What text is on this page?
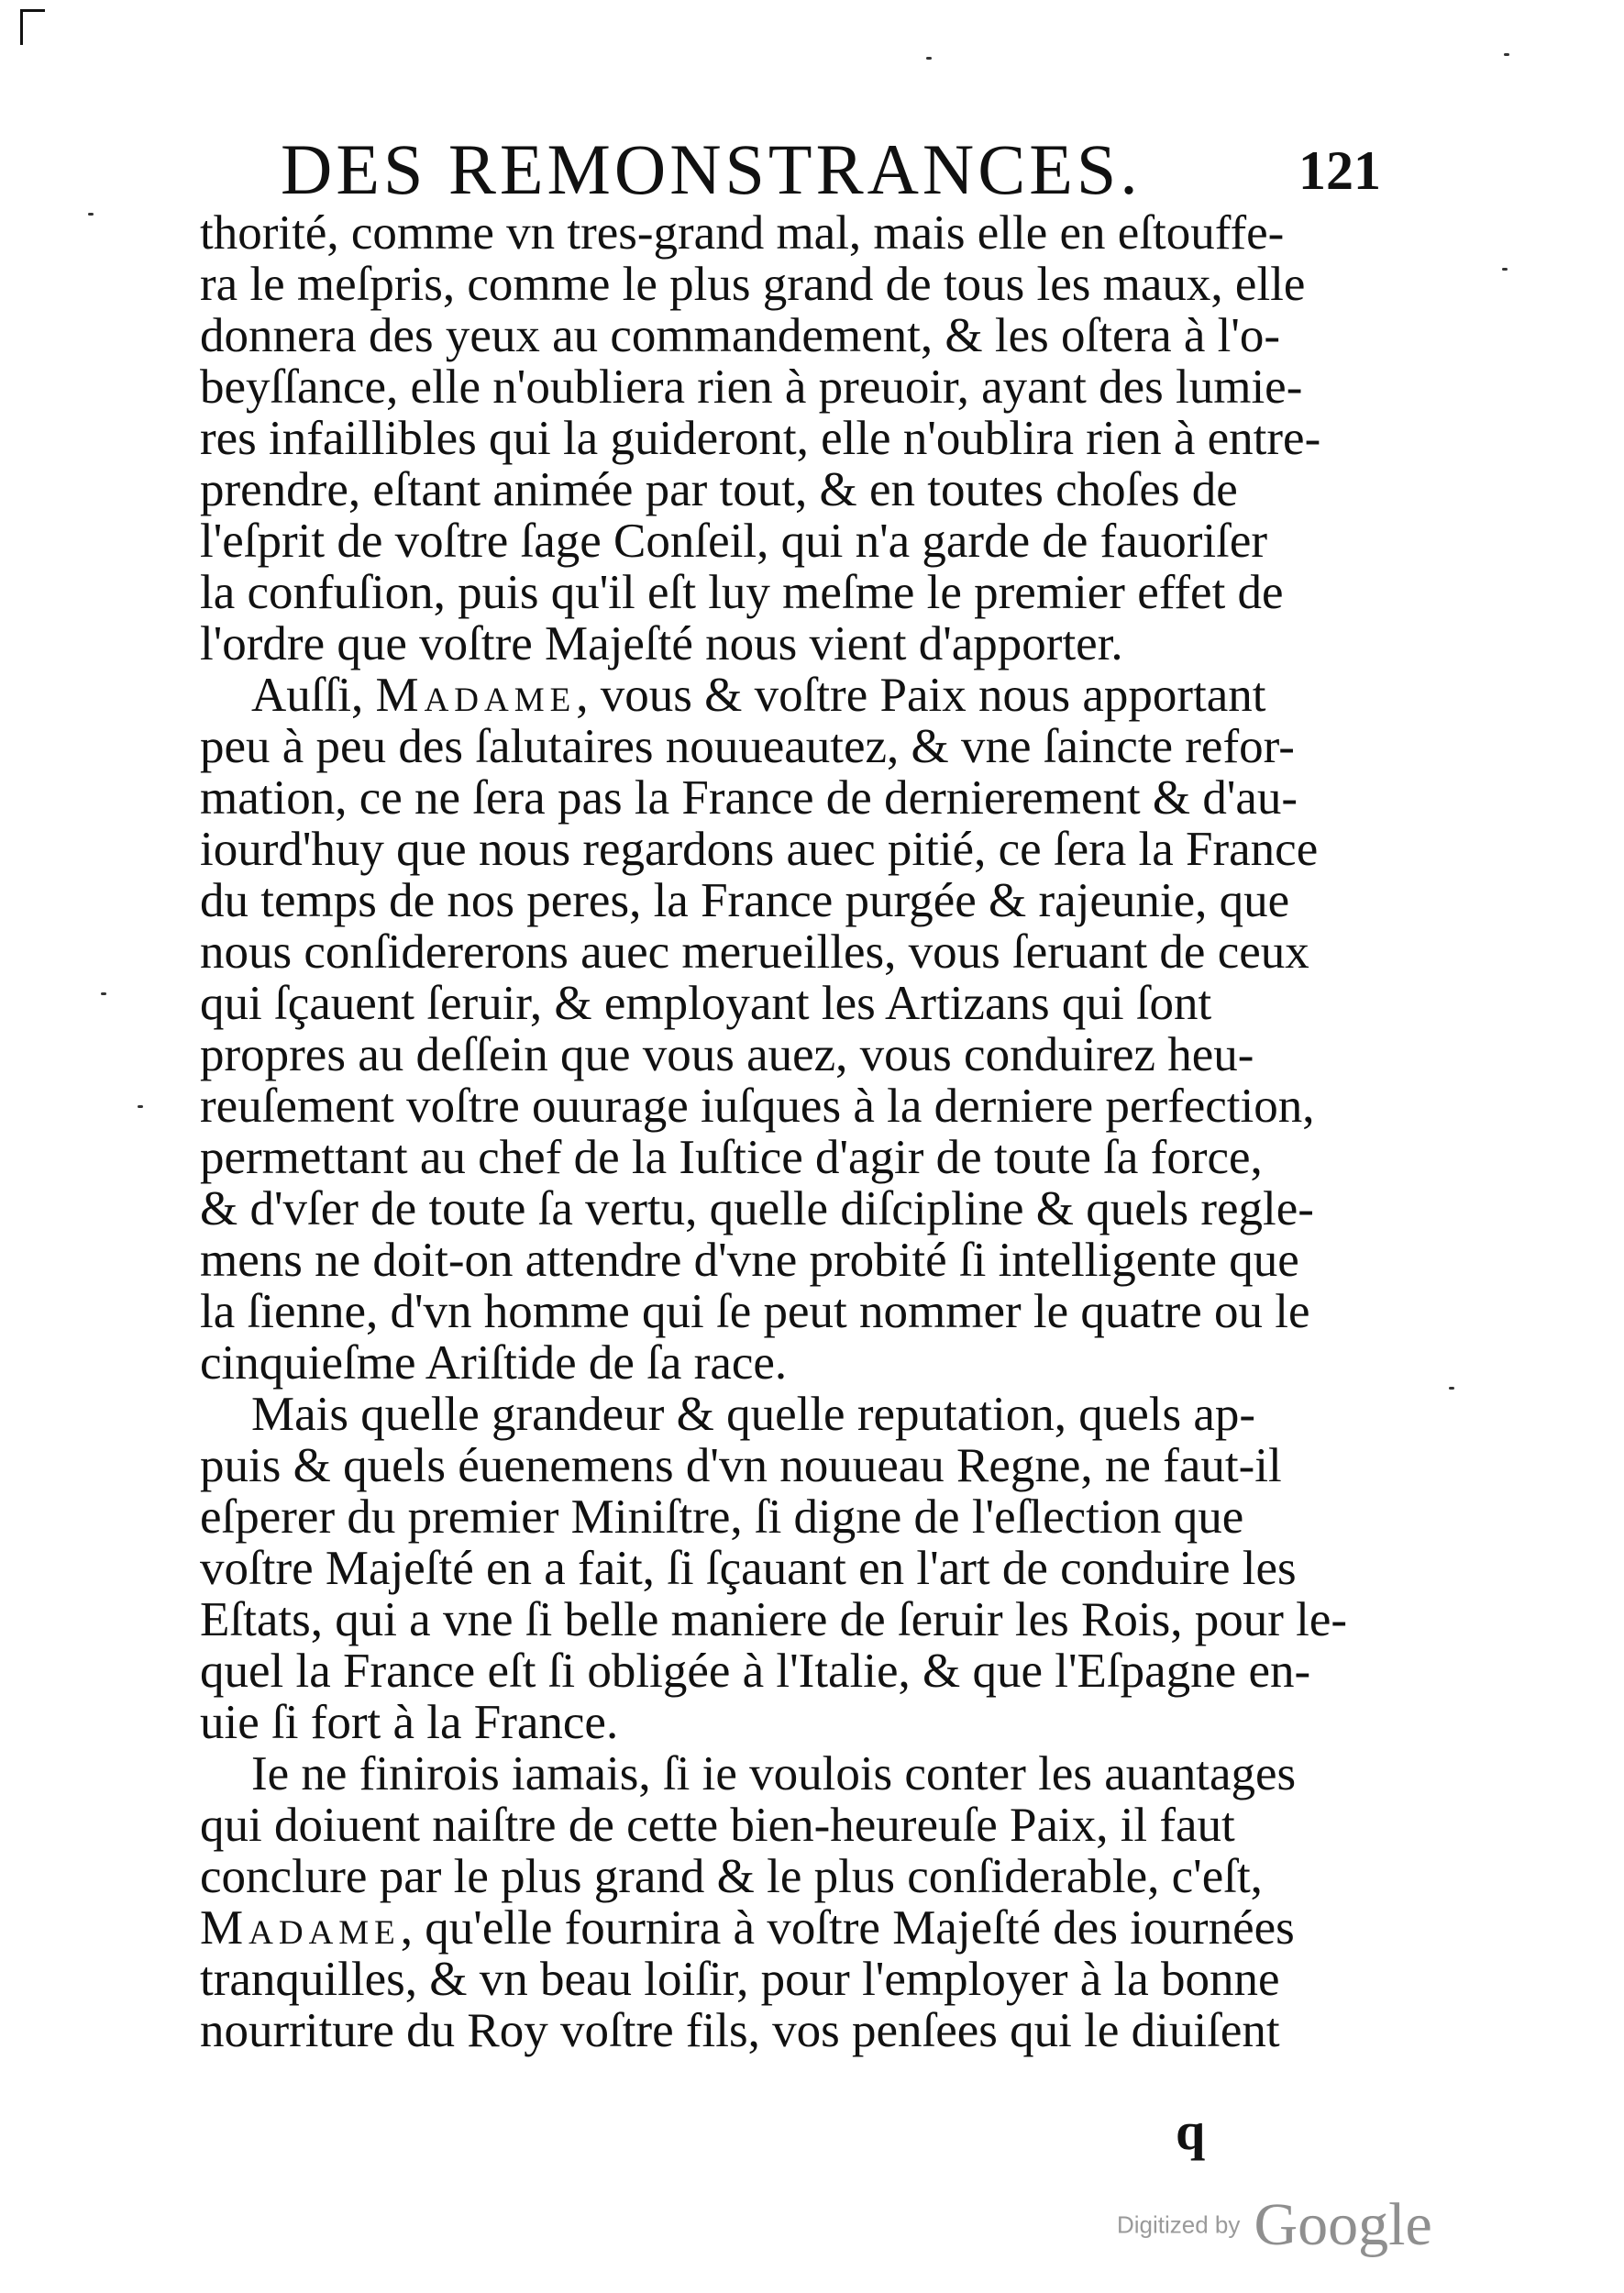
DES REMONSTRANCES.	121
thorité, comme vn tres-grand mal, mais elle en eſtouffe-
ra le meſpris, comme le plus grand de tous les maux, elle
donnera des yeux au commandement, & les oſtera à l'o-
beyſſance, elle n'oubliera rien à preuoir, ayant des lumie-
res infaillibles qui la guideront, elle n'oublira rien à entre-
prendre, eſtant animée par tout, & en toutes choſes de
l'eſprit de voſtre ſage Conſeil, qui n'a garde de fauoriſer
la confuſion, puis qu'il eſt luy meſme le premier effet de
l'ordre que voſtre Majeſté nous vient d'apporter.
Auſſi, Madame, vous & voſtre Paix nous apportant
peu à peu des ſalutaires nouueautez, & vne ſaincte refor-
mation, ce ne ſera pas la France de dernierement & d'au-
iourd'huy que nous regardons auec pitié, ce ſera la France
du temps de nos peres, la France purgée & rajeunie, que
nous conſidererons auec merueilles, vous ſeruant de ceux
qui ſçauent ſeruir, & employant les Artizans qui ſont
propres au deſſein que vous auez, vous conduirez heu-
reuſement voſtre ouurage iuſques à la derniere perfection,
permettant au chef de la Iuſtice d'agir de toute ſa force,
& d'vſer de toute ſa vertu, quelle diſcipline & quels regle-
mens ne doit-on attendre d'vne probité ſi intelligente que
la ſienne, d'vn homme qui ſe peut nommer le quatre ou le
cinquieſme Ariſtide de ſa race.
Mais quelle grandeur & quelle reputation, quels ap-
puis & quels éuenemens d'vn nouueau Regne, ne faut-il
eſperer du premier Miniſtre, ſi digne de l'eſlection que
voſtre Majeſté en a fait, ſi ſçauant en l'art de conduire les
Eſtats, qui a vne ſi belle maniere de ſeruir les Rois, pour le-
quel la France eſt ſi obligée à l'Italie, & que l'Eſpagne en-
uie ſi fort à la France.
Ie ne finirois iamais, ſi ie voulois conter les auantages
qui doiuent naiſtre de cette bien-heureuſe Paix, il faut
conclure par le plus grand & le plus conſiderable, c'eſt,
Madame, qu'elle fournira à voſtre Majeſté des iournées
tranquilles, & vn beau loiſir, pour l'employer à la bonne
nourriture du Roy voſtre fils, vos penſees qui le diuiſent
q
Digitized by Google
